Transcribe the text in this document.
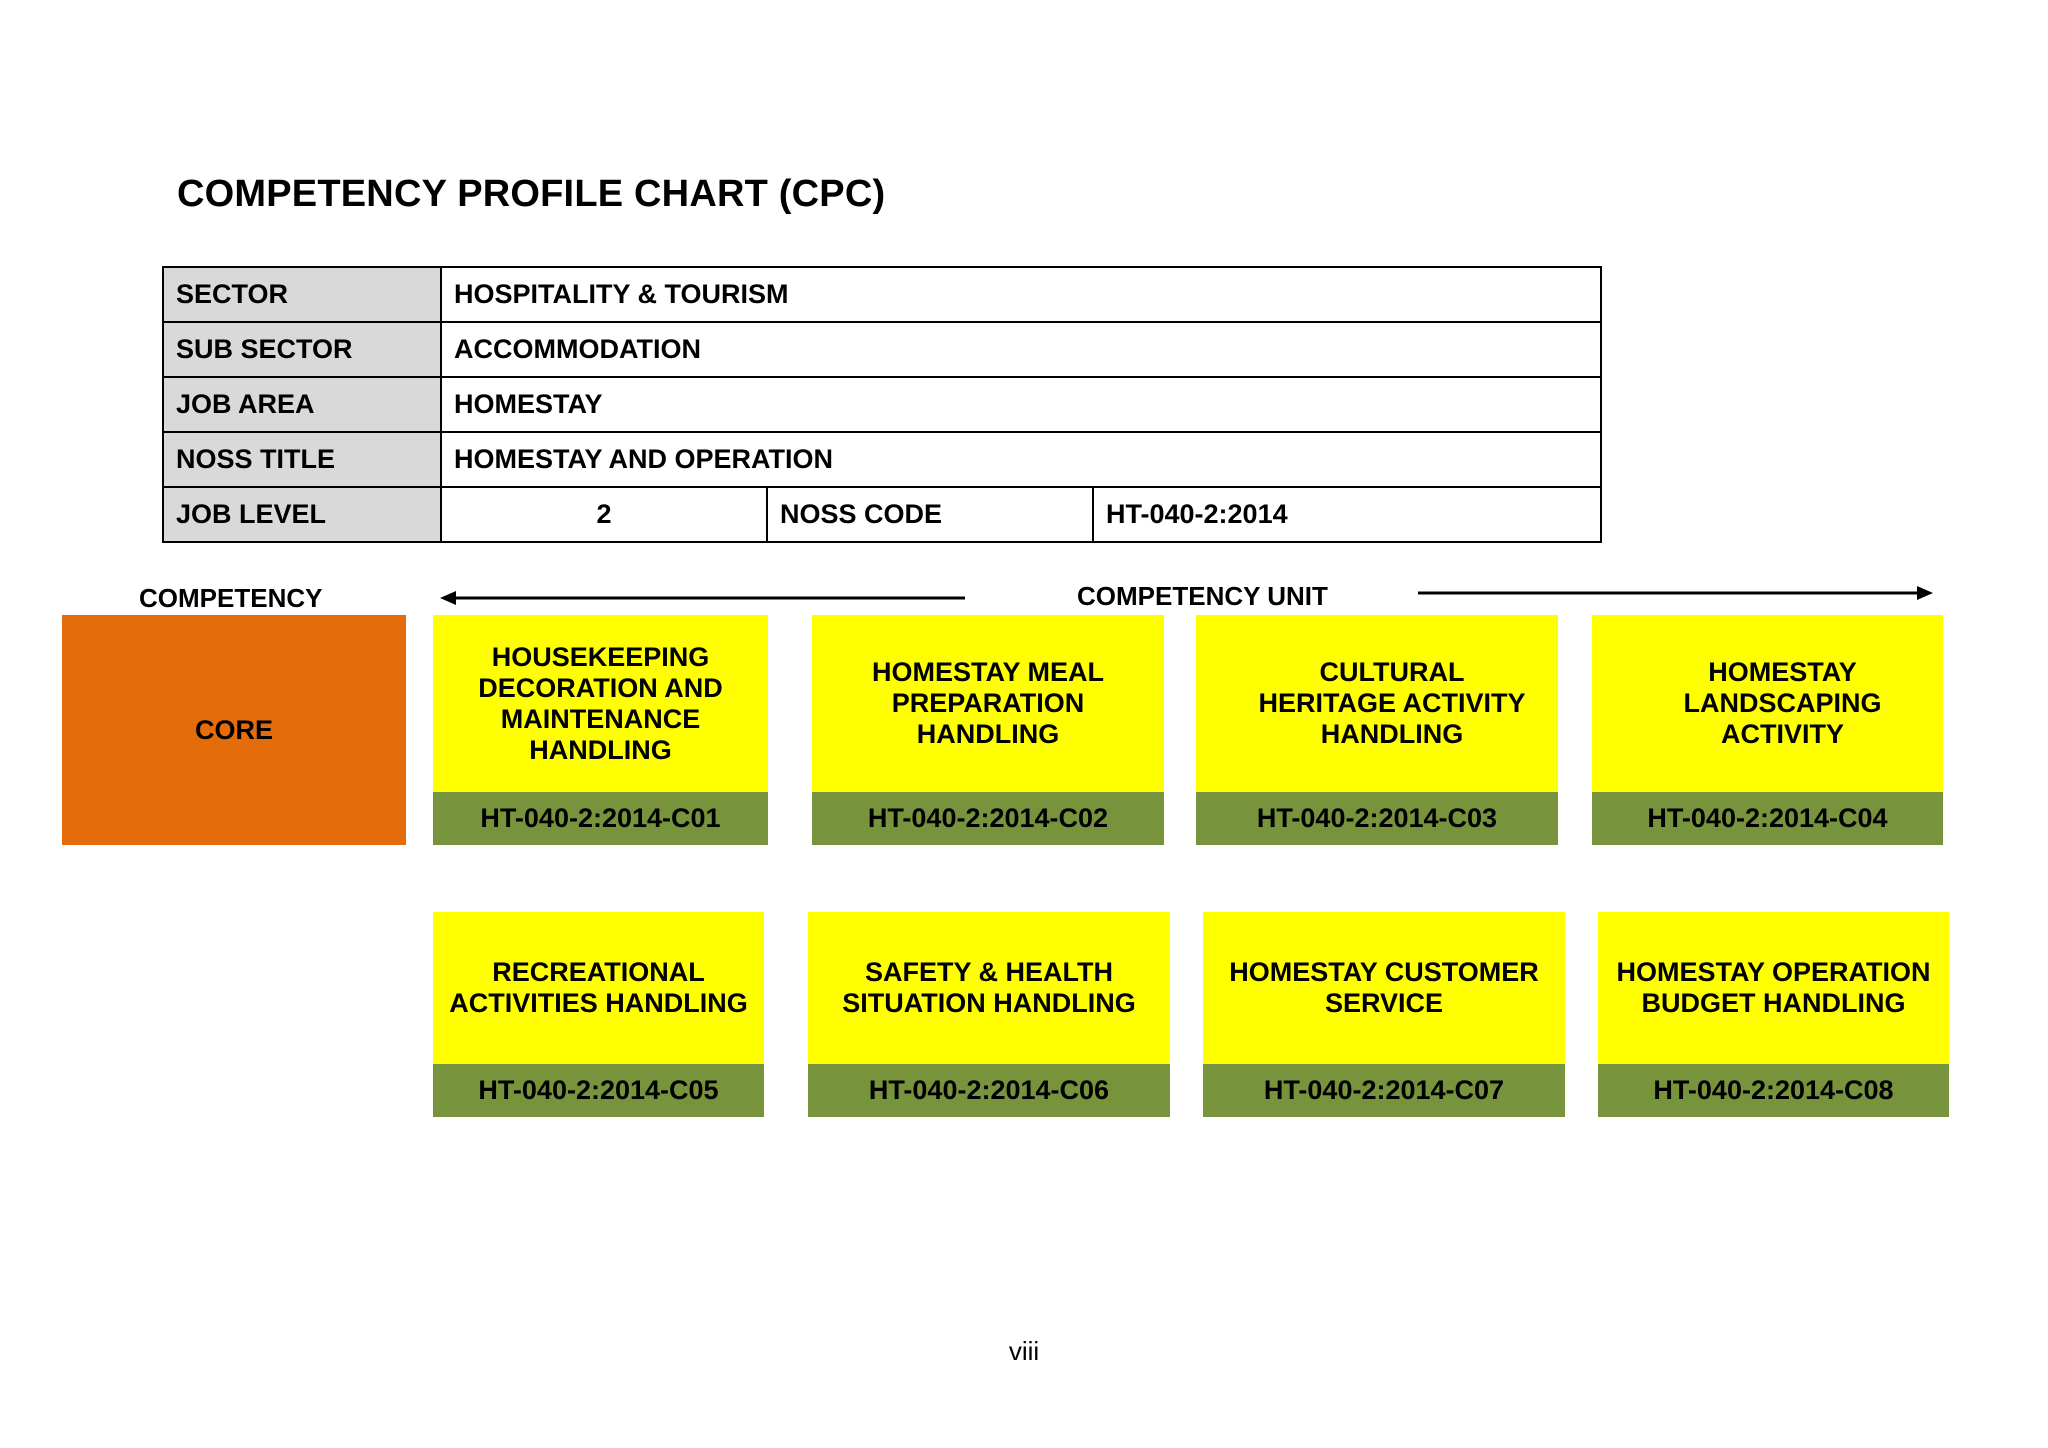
COMPETENCY PROFILE CHART (CPC)
SECTOR	HOSPITALITY & TOURISM		
SUB SECTOR	ACCOMMODATION		
JOB AREA	HOMESTAY		
NOSS TITLE	HOMESTAY AND OPERATION		
JOB LEVEL	2	NOSS CODE	HT-040-2:2014
COMPETENCY	COMPETENCY UNIT
CORE
HOUSEKEEPING DECORATION AND MAINTENANCE HANDLING
HT-040-2:2014-C01
HOMESTAY MEAL PREPARATION HANDLING
HT-040-2:2014-C02
CULTURAL HERITAGE ACTIVITY HANDLING
HT-040-2:2014-C03
HOMESTAY LANDSCAPING ACTIVITY
HT-040-2:2014-C04
RECREATIONAL ACTIVITIES HANDLING
HT-040-2:2014-C05
SAFETY & HEALTH SITUATION HANDLING
HT-040-2:2014-C06
HOMESTAY CUSTOMER SERVICE
HT-040-2:2014-C07
HOMESTAY OPERATION BUDGET HANDLING
HT-040-2:2014-C08
viii
